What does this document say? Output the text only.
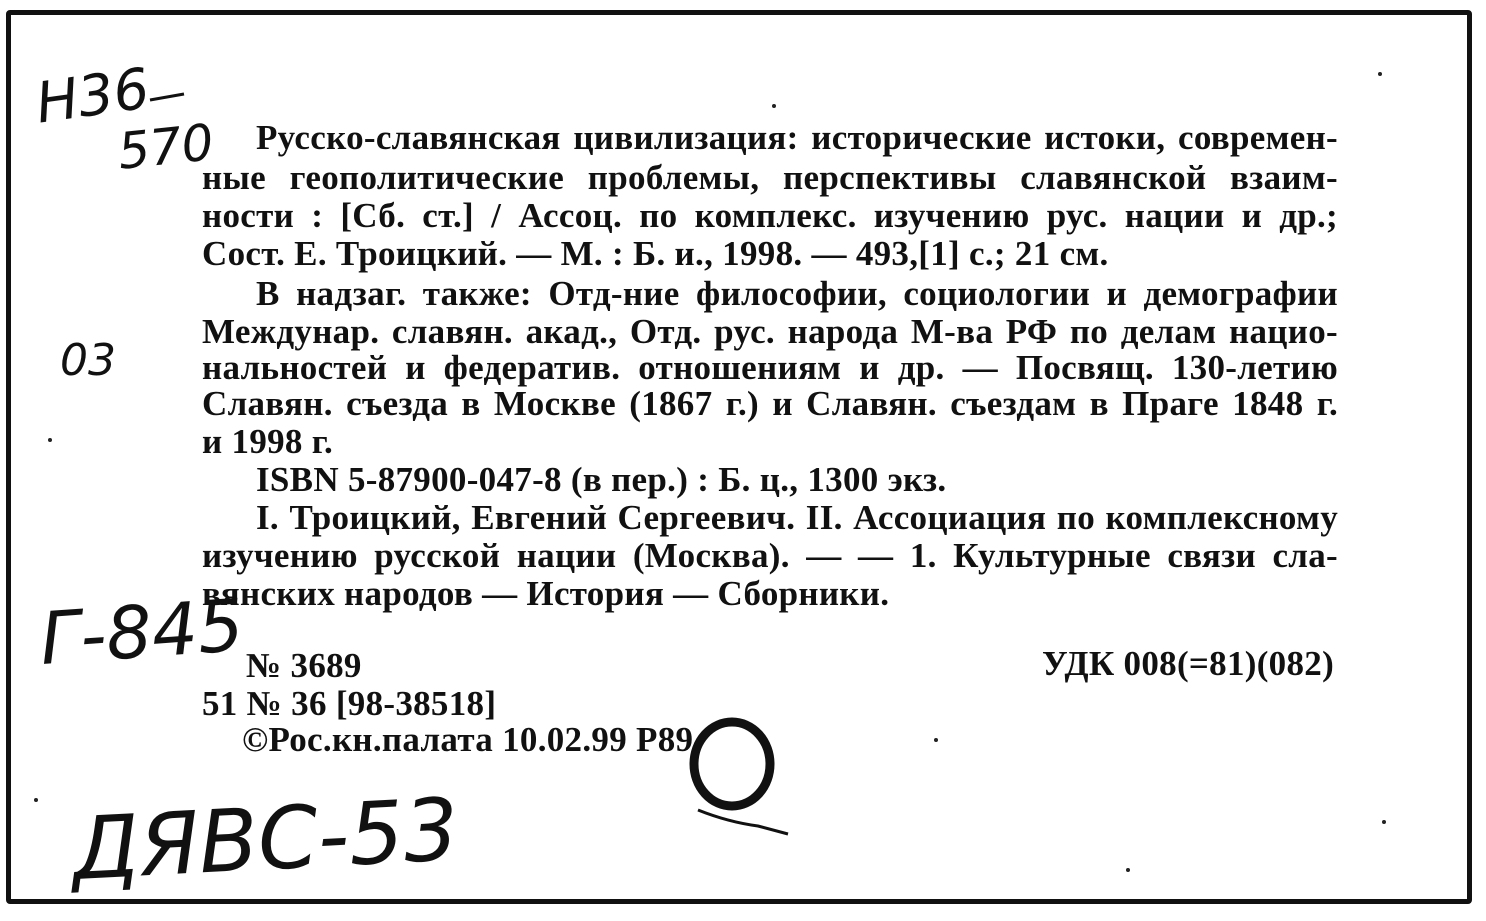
Н36
570
03
Г-845
ДЯВС-53
Русско-славянская цивилизация: исторические истоки, современ-
ные геополитические проблемы, перспективы славянской взаим-
ности : [Сб. ст.] / Ассоц. по комплекс. изучению рус. нации и др.;
Сост. Е. Троицкий. — М. : Б. и., 1998. — 493,[1] с.; 21 см.
В надзаг. также: Отд-ние философии, социологии и демографии
Междунар. славян. акад., Отд. рус. народа М-ва РФ по делам нацио-
нальностей и федератив. отношениям и др. — Посвящ. 130-летию
Славян. съезда в Москве (1867 г.) и Славян. съездам в Праге 1848 г.
и 1998 г.
ISBN 5-87900-047-8 (в пер.) : Б. ц., 1300 экз.
I. Троицкий, Евгений Сергеевич. II. Ассоциация по комплексному
изучению русской нации (Москва). — — 1. Культурные связи сла-
вянских народов — История — Сборники.
№ 3689	УДК 008(=81)(082)
51 № 36 [98-38518]
©Рос.кн.палата 10.02.99 Р89
